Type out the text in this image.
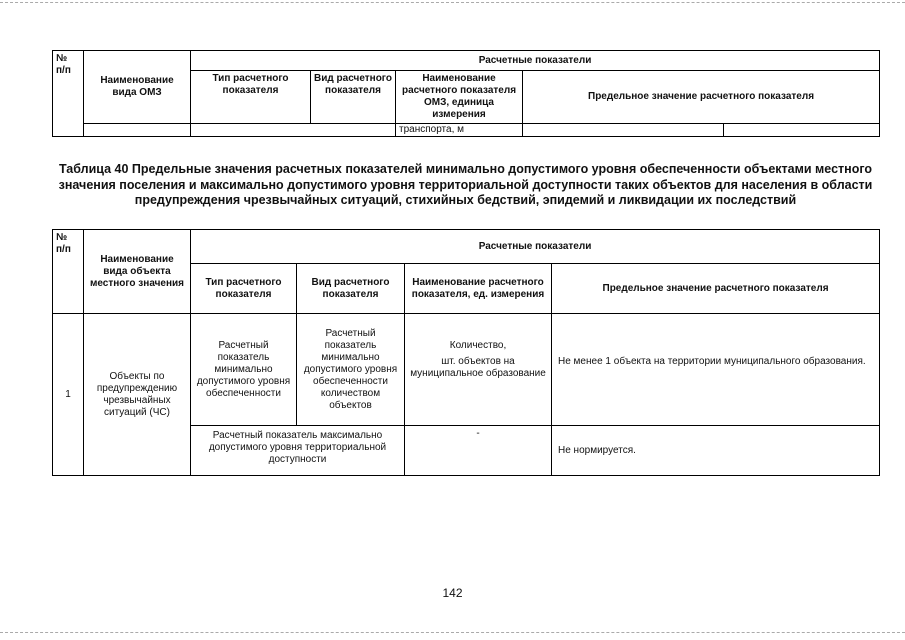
№
п/п	Наименование вида ОМЗ	Расчетные показатели				
		Тип расчетного показателя	Вид расчетного показателя	Наименование расчетного показателя ОМЗ, единица измерения	Предельное значение расчетного показателя	
				транспорта, м		
Таблица 40 Предельные значения расчетных показателей минимально допустимого уровня обеспеченности объектами местного значения поселения и максимально допустимого уровня территориальной доступности таких объектов для населения в области предупреждения чрезвычайных ситуаций, стихийных бедствий, эпидемий и ликвидации их последствий
№
п/п	Наименование вида объекта местного значения	Расчетные показатели			
		Тип расчетного показателя	Вид расчетного показателя	Наименование расчетного показателя, ед. измерения	Предельное значение расчетного показателя
1	Объекты по предупреждению чрезвычайных ситуаций (ЧС)	Расчетный показатель минимально допустимого уровня обеспеченности	Расчетный показатель минимально допустимого уровня обеспеченности количеством объектов	Количество,
шт. объектов на муниципальное образование	Не менее 1 объекта на территории муниципального образования.
		Расчетный показатель максимально допустимого уровня территориальной доступности		-	Не нормируется.
142
